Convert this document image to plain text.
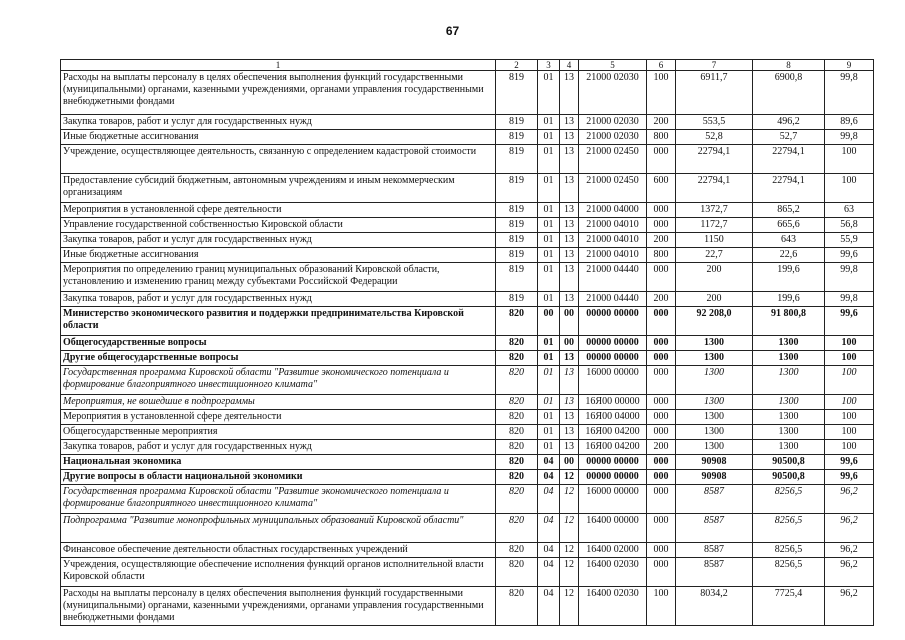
67
1	2	3	4	5	6	7	8	9
Расходы на выплаты персоналу в целях обеспечения выполнения функций государственными (муниципальными) органами, казенными учреждениями, органами управления государственными внебюджетными фондами	819	01	13	21000 02030	100	6911,7	6900,8	99,8
Закупка товаров, работ и услуг для государственных нужд	819	01	13	21000 02030	200	553,5	496,2	89,6
Иные бюджетные ассигнования	819	01	13	21000 02030	800	52,8	52,7	99,8
Учреждение, осуществляющее деятельность, связанную с определением кадастровой стоимости	819	01	13	21000 02450	000	22794,1	22794,1	100
Предоставление субсидий бюджетным, автономным учреждениям и иным некоммерческим организациям	819	01	13	21000 02450	600	22794,1	22794,1	100
Мероприятия в установленной сфере деятельности	819	01	13	21000 04000	000	1372,7	865,2	63
Управление государственной собственностью Кировской области	819	01	13	21000 04010	000	1172,7	665,6	56,8
Закупка товаров, работ и услуг для государственных нужд	819	01	13	21000 04010	200	1150	643	55,9
Иные бюджетные ассигнования	819	01	13	21000 04010	800	22,7	22,6	99,6
Мероприятия по определению границ муниципальных образований Кировской области, установлению и изменению границ между субъектами Российской Федерации	819	01	13	21000 04440	000	200	199,6	99,8
Закупка товаров, работ и услуг для государственных нужд	819	01	13	21000 04440	200	200	199,6	99,8
Министерство экономического развития и поддержки предпринимательства Кировской области	820	00	00	00000 00000	000	92 208,0	91 800,8	99,6
Общегосударственные вопросы	820	01	00	00000 00000	000	1300	1300	100
Другие общегосударственные вопросы	820	01	13	00000 00000	000	1300	1300	100
Государственная программа Кировской области "Развитие экономического потенциала и формирование благоприятного инвестиционного климата"	820	01	13	16000 00000	000	1300	1300	100
Мероприятия, не вошедшие в подпрограммы	820	01	13	16Я00 00000	000	1300	1300	100
Мероприятия в установленной сфере деятельности	820	01	13	16Я00 04000	000	1300	1300	100
Общегосударственные мероприятия	820	01	13	16Я00 04200	000	1300	1300	100
Закупка товаров, работ и услуг для государственных нужд	820	01	13	16Я00 04200	200	1300	1300	100
Национальная экономика	820	04	00	00000 00000	000	90908	90500,8	99,6
Другие вопросы в области национальной экономики	820	04	12	00000 00000	000	90908	90500,8	99,6
Государственная программа Кировской области "Развитие экономического потенциала и формирование благоприятного инвестиционного климата"	820	04	12	16000 00000	000	8587	8256,5	96,2
Подпрограмма "Развитие монопрофильных муниципальных образований Кировской области"	820	04	12	16400 00000	000	8587	8256,5	96,2
Финансовое обеспечение деятельности областных государственных учреждений	820	04	12	16400 02000	000	8587	8256,5	96,2
Учреждения, осуществляющие обеспечение исполнения функций органов исполнительной власти Кировской области	820	04	12	16400 02030	000	8587	8256,5	96,2
Расходы на выплаты персоналу в целях обеспечения выполнения функций государственными (муниципальными) органами, казенными учреждениями, органами управления государственными внебюджетными фондами	820	04	12	16400 02030	100	8034,2	7725,4	96,2
